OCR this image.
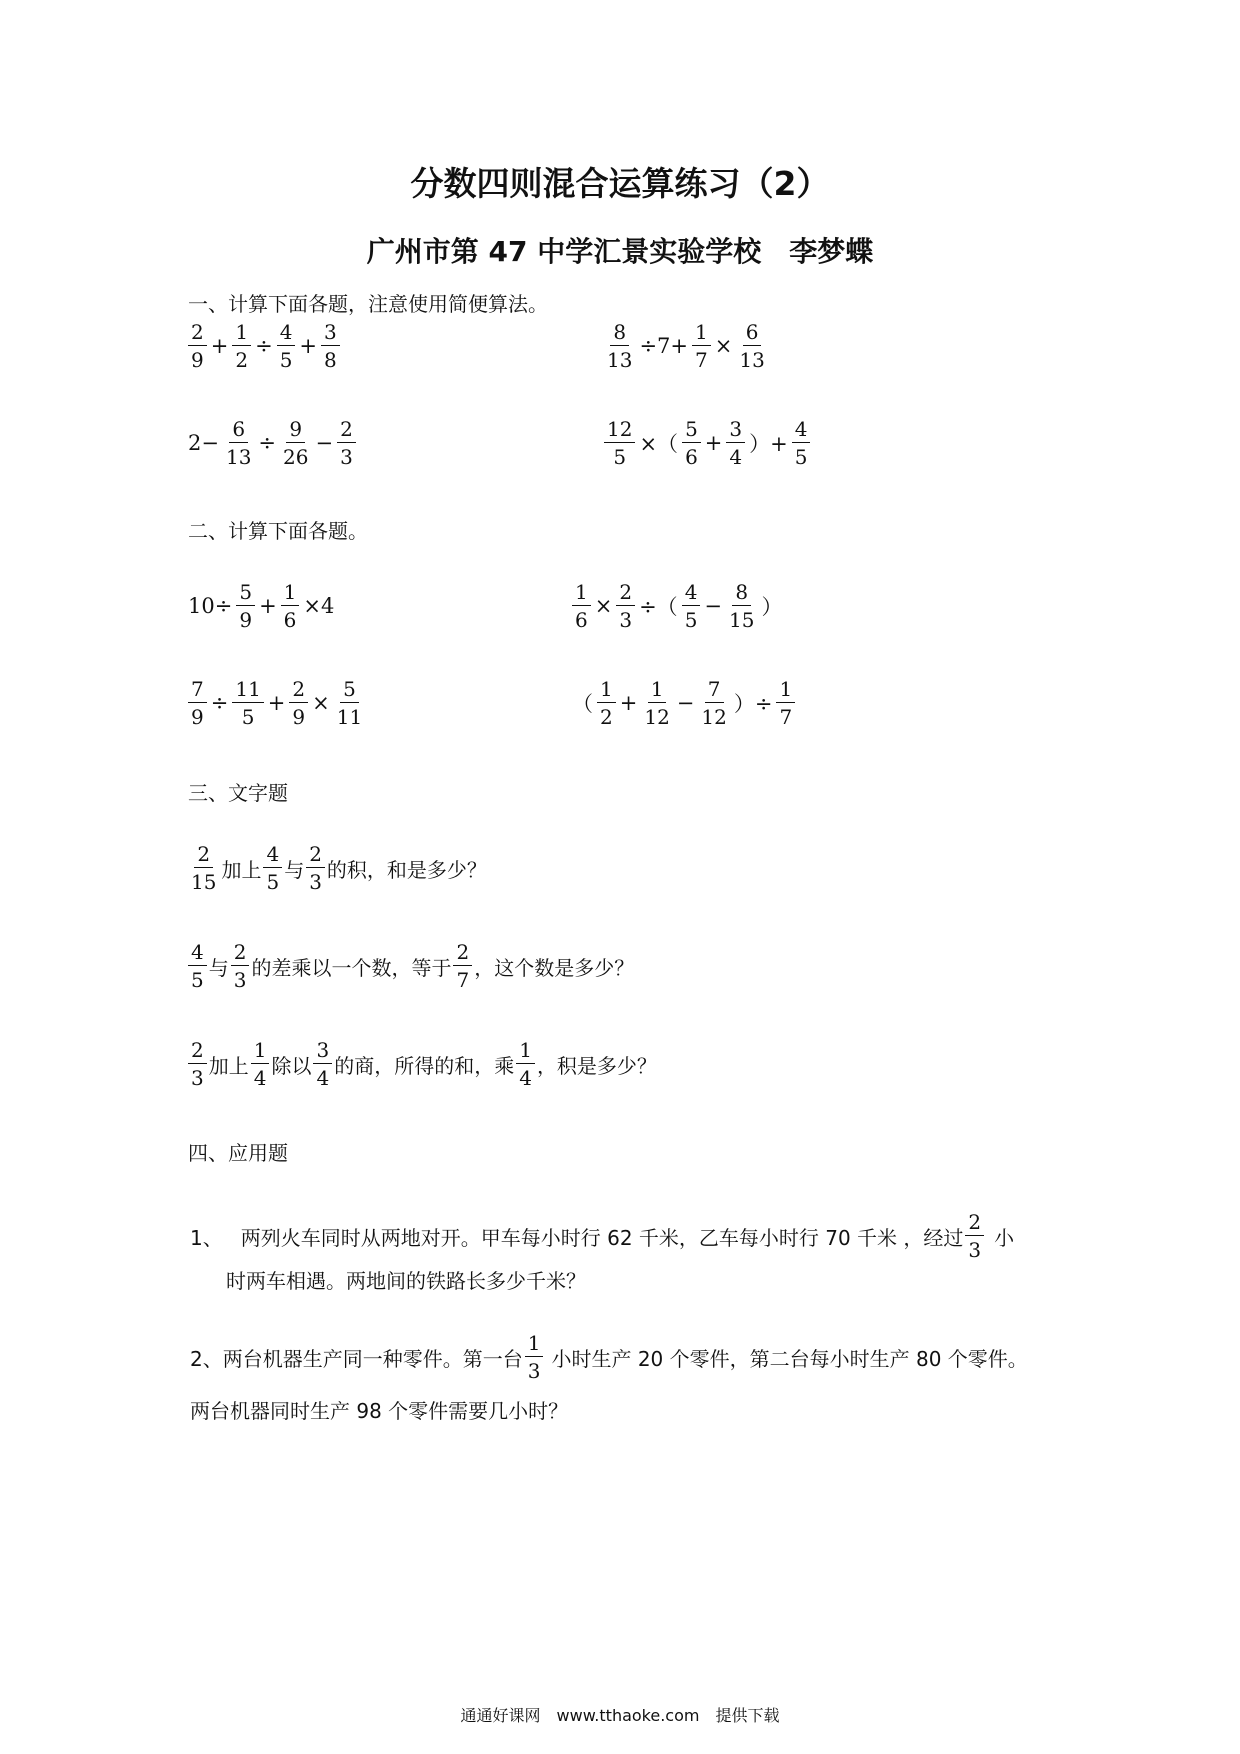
分数四则混合运算练习（2）
广州市第 47 中学汇景实验学校　李梦蝶
一、计算下面各题，注意使用简便算法。
$\frac{2}{9} + \frac{1}{2} \div \frac{4}{5} + \frac{3}{8}$	$\frac{8}{13} \div 7+ \frac{1}{7} \times \frac{6}{13}$
$2- \frac{6}{13} \div \frac{9}{26} - \frac{2}{3}$	$\frac{12}{5}$ ×（ $\frac{5}{6} + \frac{3}{4}$ ）+ $\frac{4}{5}$
二、计算下面各题。
$10\div \frac{5}{9} + \frac{1}{6} \times 4$	$\frac{1}{6} \times \frac{2}{3}$ ÷（ $\frac{4}{5} - \frac{8}{15}$ ）
$\frac{7}{9} \div \frac{11}{5} + \frac{2}{9} \times \frac{5}{11}$	（ $\frac{1}{2} + \frac{1}{12} - \frac{7}{12}$ ）÷ $\frac{1}{7}$
三、文字题
$\frac{2}{15}$ 加上 $\frac{4}{5}$ 与 $\frac{2}{3}$ 的积，和是多少？
$\frac{4}{5}$ 与 $\frac{2}{3}$ 的差乘以一个数，等于 $\frac{2}{7}$ ，这个数是多少？
$\frac{2}{3}$ 加上 $\frac{1}{4}$ 除以 $\frac{3}{4}$ 的商，所得的和，乘 $\frac{1}{4}$ ，积是多少？
四、应用题
1、 两列火车同时从两地对开。甲车每小时行 62 千米，乙车每小时行 70 千米 ，经过 $\frac{2}{3}$ 小
时两车相遇。两地间的铁路长多少千米？
2、两台机器生产同一种零件。第一台 $\frac{1}{3}$ 小时生产 20 个零件，第二台每小时生产 80 个零件。
两台机器同时生产 98 个零件需要几小时？
通通好课网　www.tthaoke.com　提供下载
